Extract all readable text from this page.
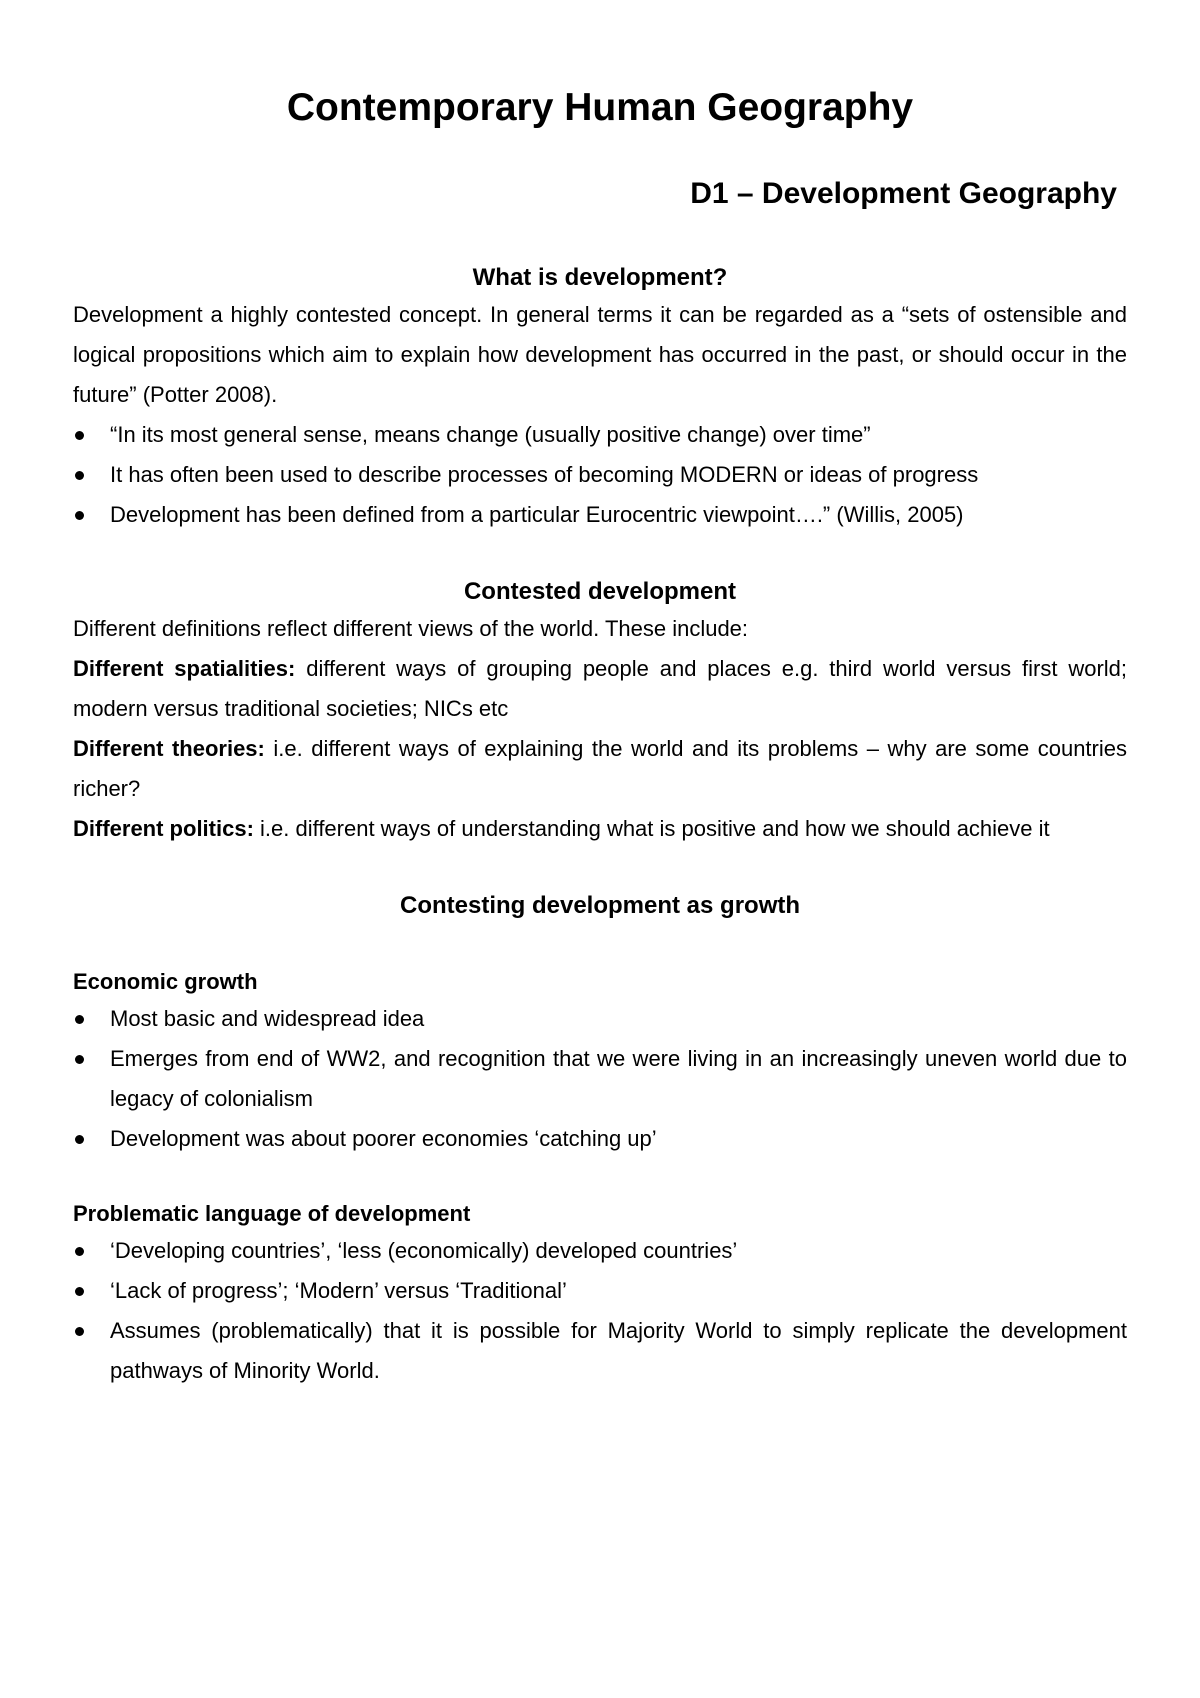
Contemporary Human Geography
D1 – Development Geography
What is development?

Development a highly contested concept. In general terms it can be regarded as a “sets of ostensible and logical propositions which aim to explain how development has occurred in the past, or should occur in the future” (Potter 2008).

“In its most general sense, means change (usually positive change) over time”
It has often been used to describe processes of becoming MODERN or ideas of progress
Development has been defined from a particular Eurocentric viewpoint….” (Willis, 2005)
Contested development

Different definitions reflect different views of the world. These include:

Different spatialities: different ways of grouping people and places e.g. third world versus first world; modern versus traditional societies; NICs etc

Different theories: i.e. different ways of explaining the world and its problems – why are some countries richer?

Different politics: i.e. different ways of understanding what is positive and how we should achieve it

Contesting development as growth
Economic growth
Most basic and widespread idea
Emerges from end of WW2, and recognition that we were living in an increasingly uneven world due to legacy of colonialism
Development was about poorer economies ‘catching up’
Problematic language of development
‘Developing countries’, ‘less (economically) developed countries’
‘Lack of progress’; ‘Modern’ versus ‘Traditional’
Assumes (problematically) that it is possible for Majority World to simply replicate the development pathways of Minority World.
